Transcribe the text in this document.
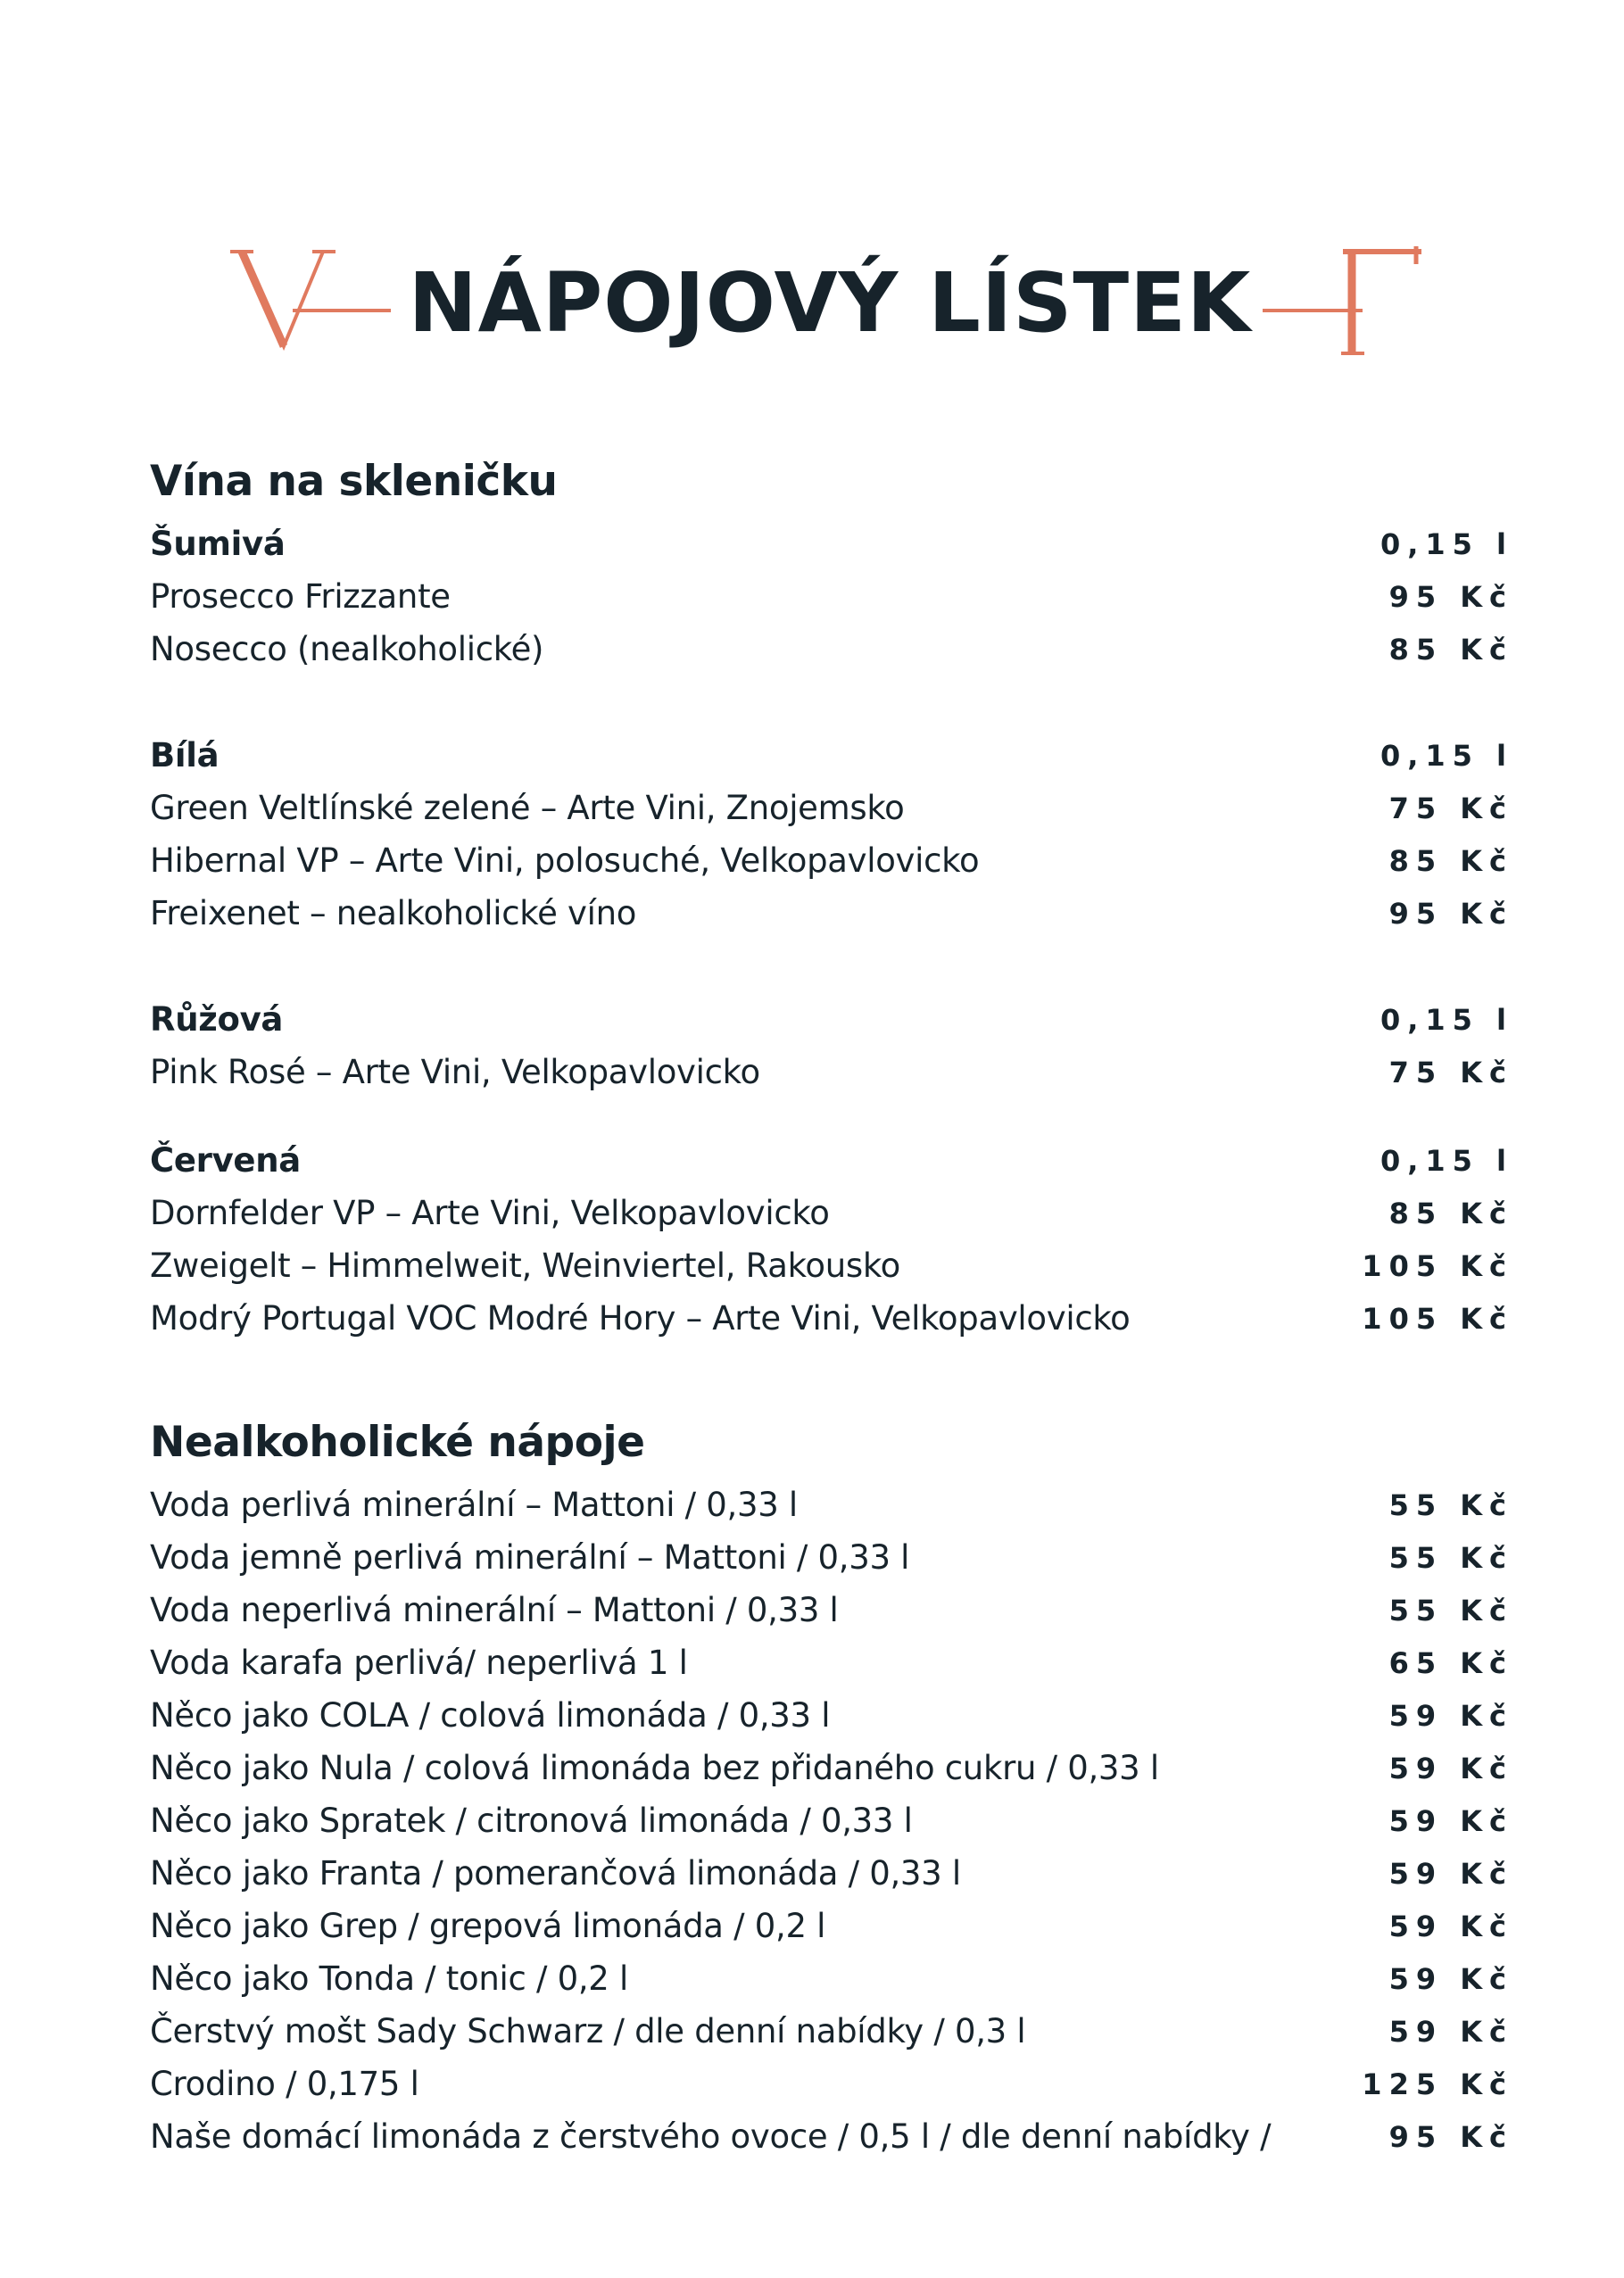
NÁPOJOVÝ LÍSTEK
Vína na skleničku
Šumivá	0,15 l
Prosecco Frizzante	95 Kč
Nosecco (nealkoholické)	85 Kč
Bílá	0,15 l
Green Veltlínské zelené – Arte Vini, Znojemsko	75 Kč
Hibernal VP – Arte Vini, polosuché, Velkopavlovicko	85 Kč
Freixenet – nealkoholické víno	95 Kč
Růžová	0,15 l
Pink Rosé – Arte Vini, Velkopavlovicko	75 Kč
Červená	0,15 l
Dornfelder VP – Arte Vini, Velkopavlovicko	85 Kč
Zweigelt – Himmelweit, Weinviertel, Rakousko	105 Kč
Modrý Portugal VOC Modré Hory – Arte Vini, Velkopavlovicko	105 Kč
Nealkoholické nápoje
Voda perlivá minerální – Mattoni / 0,33 l	55 Kč
Voda jemně perlivá minerální – Mattoni / 0,33 l	55 Kč
Voda neperlivá minerální – Mattoni / 0,33 l	55 Kč
Voda karafa perlivá/ neperlivá 1 l	65 Kč
Něco jako COLA / colová limonáda / 0,33 l	59 Kč
Něco jako Nula / colová limonáda bez přidaného cukru / 0,33 l	59 Kč
Něco jako Spratek / citronová limonáda / 0,33 l	59 Kč
Něco jako Franta / pomerančová limonáda / 0,33 l	59 Kč
Něco jako Grep / grepová limonáda / 0,2 l	59 Kč
Něco jako Tonda / tonic / 0,2 l	59 Kč
Čerstvý mošt Sady Schwarz / dle denní nabídky / 0,3 l	59 Kč
Crodino / 0,175 l	125 Kč
Naše domácí limonáda z čerstvého ovoce / 0,5 l / dle denní nabídky /	95 Kč
